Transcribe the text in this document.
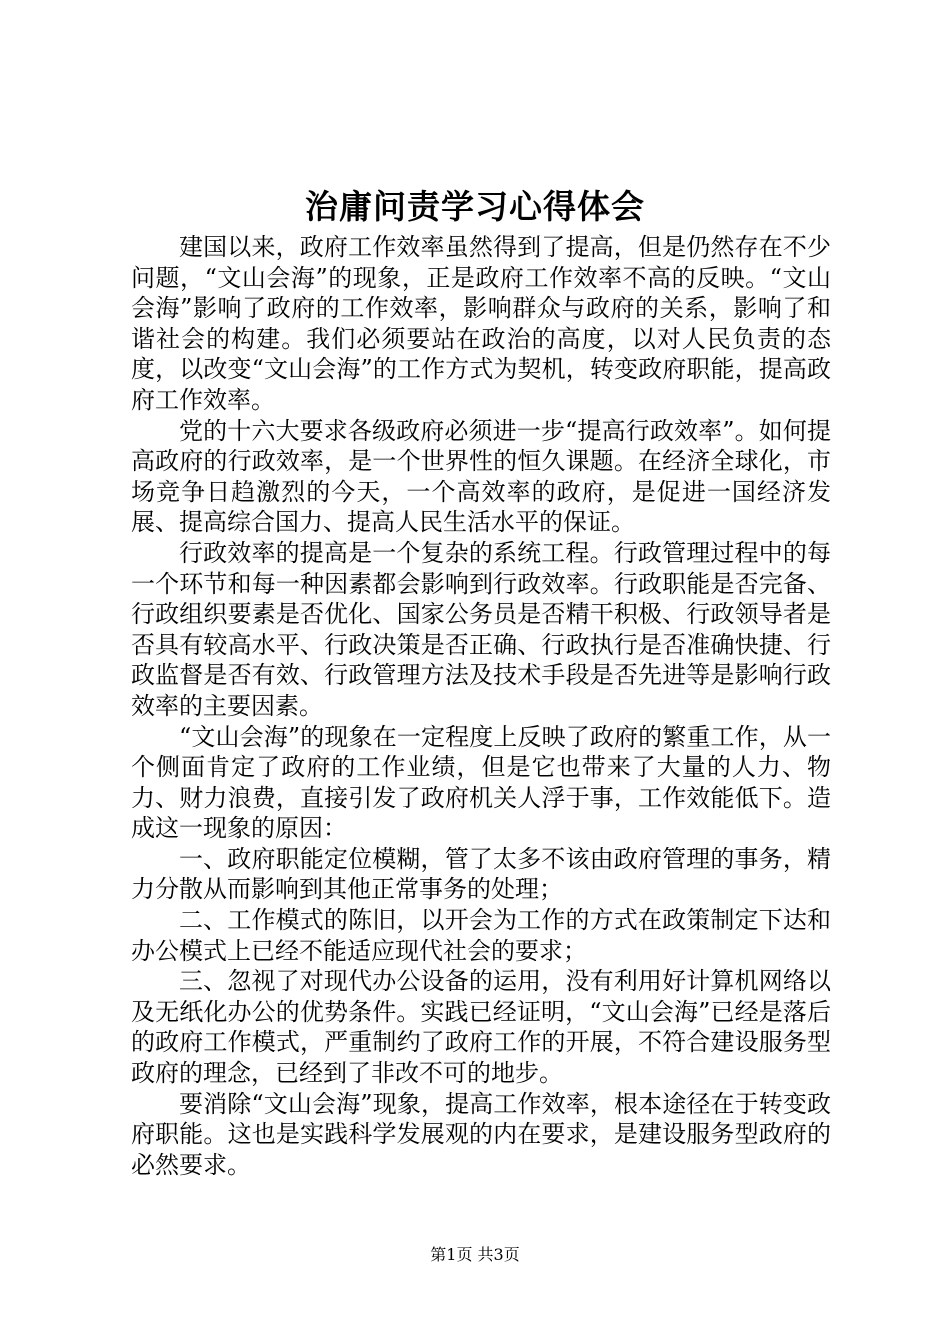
治庸问责学习心得体会

建国以来，政府工作效率虽然得到了提高，但是仍然存在不少问题，“文山会海”的现象，正是政府工作效率不高的反映。“文山会海”影响了政府的工作效率，影响群众与政府的关系，影响了和谐社会的构建。我们必须要站在政治的高度，以对人民负责的态度，以改变“文山会海”的工作方式为契机，转变政府职能，提高政府工作效率。

党的十六大要求各级政府必须进一步“提高行政效率”。如何提高政府的行政效率，是一个世界性的恒久课题。在经济全球化，市场竞争日趋激烈的今天，一个高效率的政府，是促进一国经济发展、提高综合国力、提高人民生活水平的保证。

行政效率的提高是一个复杂的系统工程。行政管理过程中的每一个环节和每一种因素都会影响到行政效率。行政职能是否完备、行政组织要素是否优化、国家公务员是否精干积极、行政领导者是否具有较高水平、行政决策是否正确、行政执行是否准确快捷、行政监督是否有效、行政管理方法及技术手段是否先进等是影响行政效率的主要因素。

“文山会海”的现象在一定程度上反映了政府的繁重工作，从一个侧面肯定了政府的工作业绩，但是它也带来了大量的人力、物力、财力浪费，直接引发了政府机关人浮于事，工作效能低下。造成这一现象的原因：

一、政府职能定位模糊，管了太多不该由政府管理的事务，精力分散从而影响到其他正常事务的处理；

二、工作模式的陈旧，以开会为工作的方式在政策制定下达和办公模式上已经不能适应现代社会的要求；

三、忽视了对现代办公设备的运用，没有利用好计算机网络以及无纸化办公的优势条件。实践已经证明，“文山会海”已经是落后的政府工作模式，严重制约了政府工作的开展，不符合建设服务型政府的理念，已经到了非改不可的地步。

要消除“文山会海”现象，提高工作效率，根本途径在于转变政府职能。这也是实践科学发展观的内在要求，是建设服务型政府的必然要求。

第1页 共3页
